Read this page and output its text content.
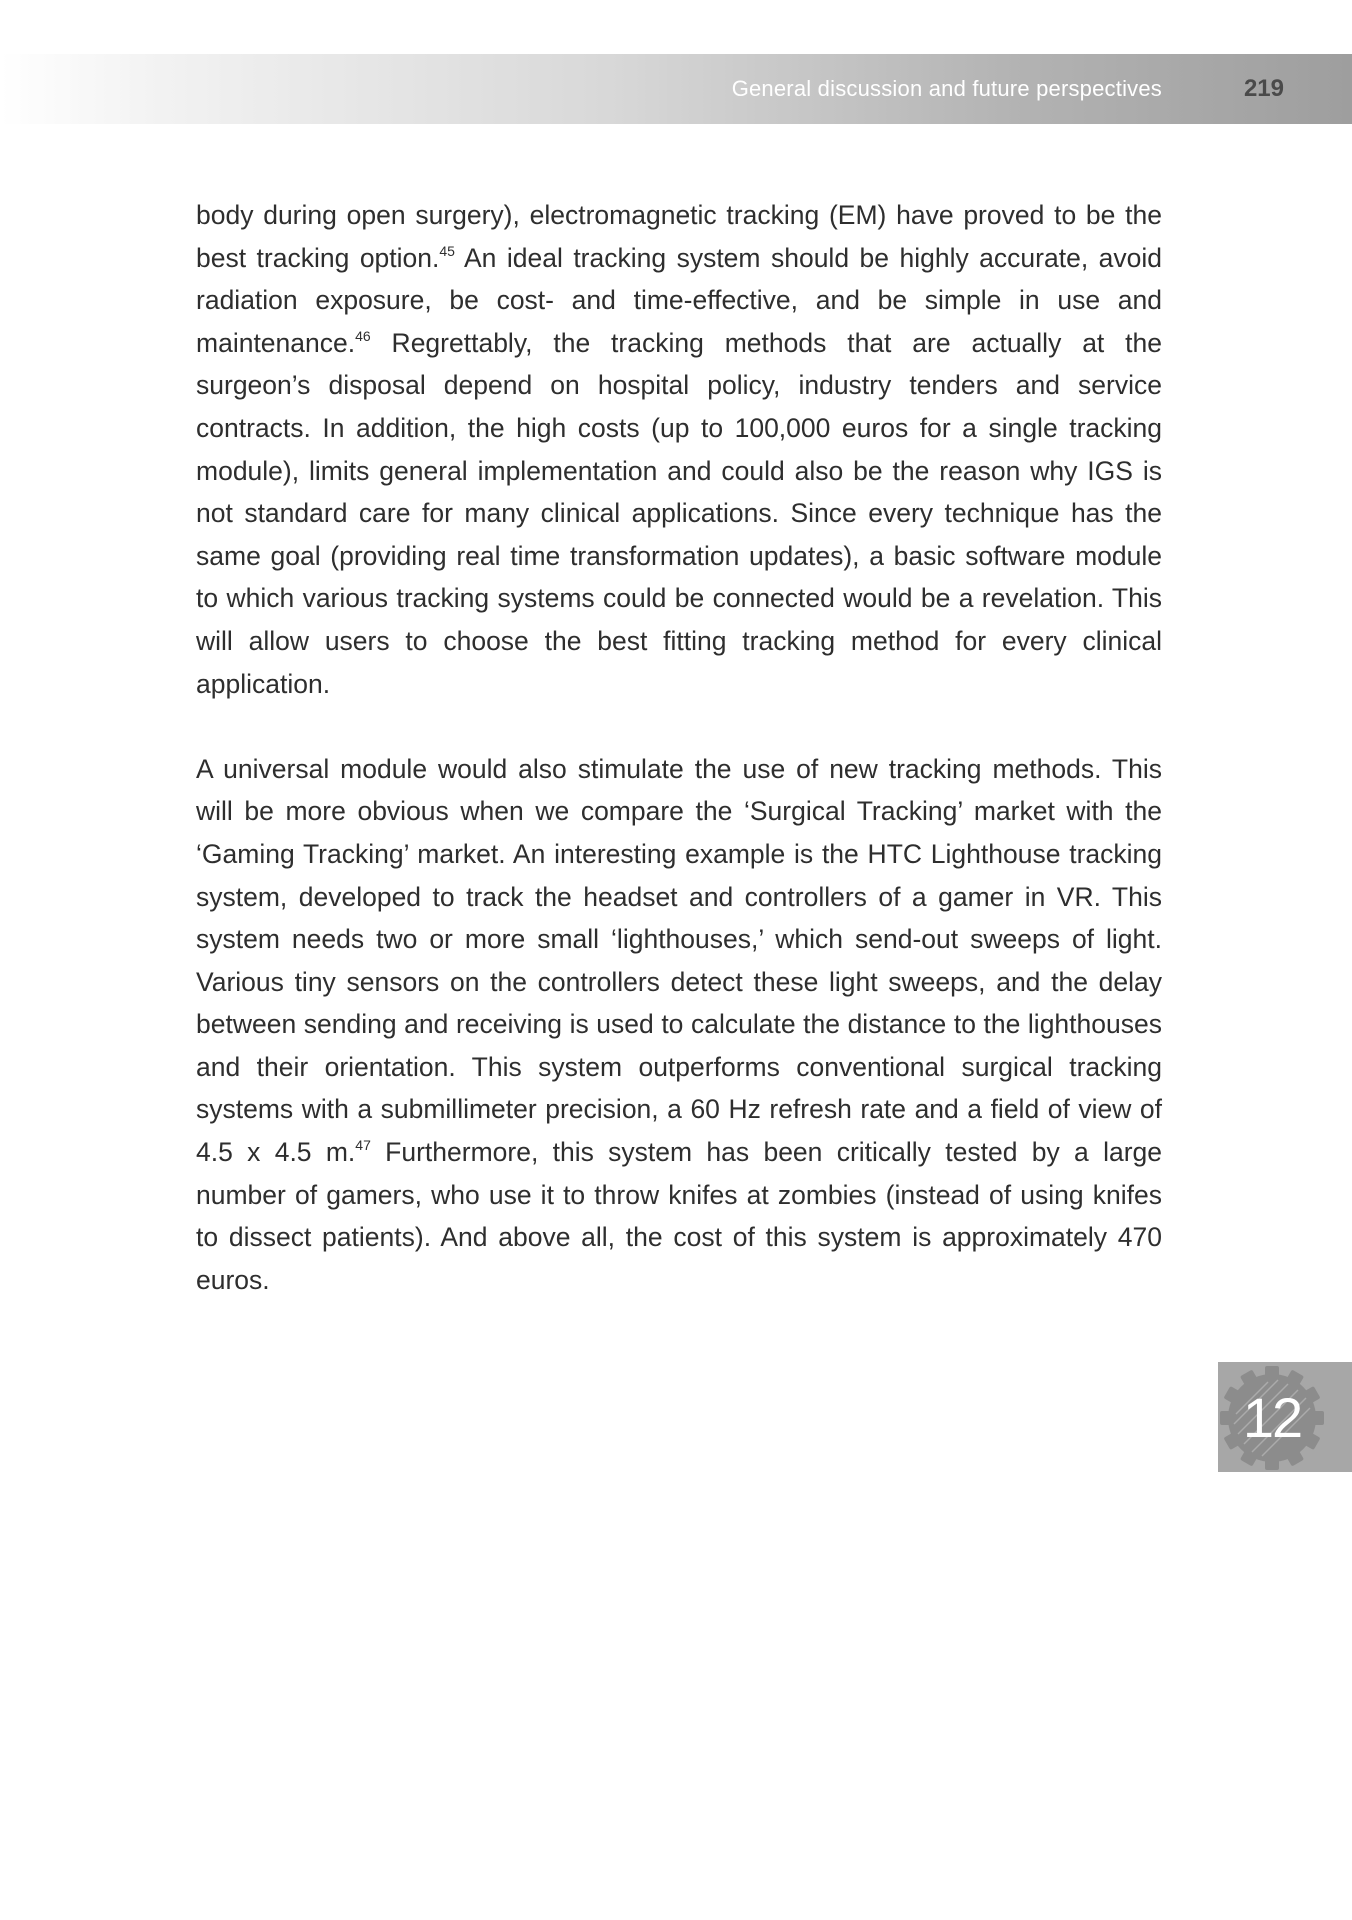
General discussion and future perspectives	219

body during open surgery), electromagnetic tracking (EM) have proved to be the best tracking option.$^{45}$ An ideal tracking system should be highly accurate, avoid radiation exposure, be cost- and time-effective, and be simple in use and maintenance.$^{46}$ Regrettably, the tracking methods that are actually at the surgeon’s disposal depend on hospital policy, industry tenders and service contracts. In addition, the high costs (up to 100,000 euros for a single tracking module), limits general implementation and could also be the reason why IGS is not standard care for many clinical applications. Since every technique has the same goal (providing real time transformation updates), a basic software module to which various tracking systems could be connected would be a revelation. This will allow users to choose the best fitting tracking method for every clinical application.

A universal module would also stimulate the use of new tracking methods. This will be more obvious when we compare the ‘Surgical Tracking’ market with the ‘Gaming Tracking’ market. An interesting example is the HTC Lighthouse tracking system, developed to track the headset and controllers of a gamer in VR. This system needs two or more small ‘lighthouses,’ which send-out sweeps of light. Various tiny sensors on the controllers detect these light sweeps, and the delay between sending and receiving is used to calculate the distance to the lighthouses and their orientation. This system outperforms conventional surgical tracking systems with a submillimeter precision, a 60 Hz refresh rate and a field of view of 4.5 x 4.5 m.$^{47}$ Furthermore, this system has been critically tested by a large number of gamers, who use it to throw knifes at zombies (instead of using knifes to dissect patients). And above all, the cost of this system is approximately 470 euros.

12
